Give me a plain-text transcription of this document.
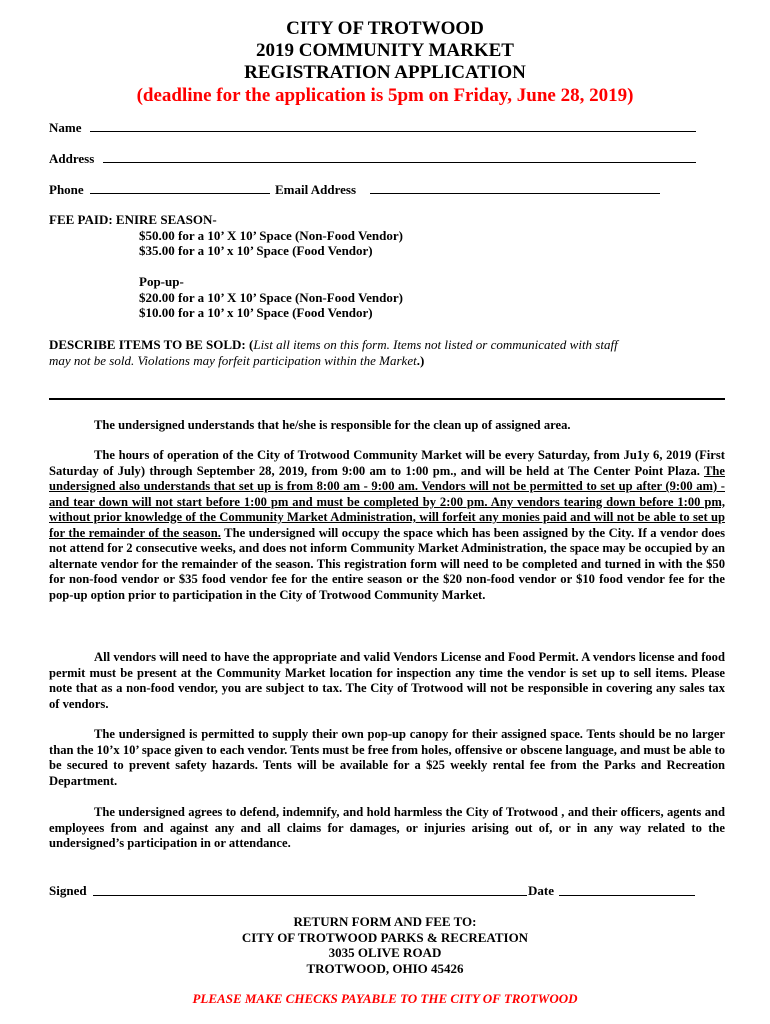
CITY OF TROTWOOD
2019 COMMUNITY MARKET
REGISTRATION APPLICATION
(deadline for the application is 5pm on Friday, June 28, 2019)
Name
Address
Phone	Email Address
FEE PAID: ENIRE SEASON-
$50.00 for a 10’ X 10’ Space (Non-Food Vendor)
$35.00 for a 10’ x 10’ Space (Food Vendor)
Pop-up-
$20.00 for a 10’ X 10’ Space (Non-Food Vendor)
$10.00 for a 10’ x 10’ Space (Food Vendor)
DESCRIBE ITEMS TO BE SOLD: (List all items on this form. Items not listed or communicated with staff
may not be sold. Violations may forfeit participation within the Market.)
The undersigned understands that he/she is responsible for the clean up of assigned area.
The hours of operation of the City of Trotwood Community Market will be every Saturday, from Ju1y 6, 2019 (First Saturday of July) through September 28, 2019, from 9:00 am to 1:00 pm., and will be held at The Center Point Plaza. The undersigned also understands that set up is from 8:00 am - 9:00 am. Vendors will not be permitted to set up after (9:00 am) - and tear down will not start before 1:00 pm and must be completed by 2:00 pm. Any vendors tearing down before 1:00 pm, without prior knowledge of the Community Market Administration, will forfeit any monies paid and will not be able to set up for the remainder of the season. The undersigned will occupy the space which has been assigned by the City. If a vendor does not attend for 2 consecutive weeks, and does not inform Community Market Administration, the space may be occupied by an alternate vendor for the remainder of the season. This registration form will need to be completed and turned in with the $50 for non-food vendor or $35 food vendor fee for the entire season or the $20 non-food vendor or $10 food vendor fee for the pop-up option prior to participation in the City of Trotwood Community Market.
All vendors will need to have the appropriate and valid Vendors License and Food Permit. A vendors license and food permit must be present at the Community Market location for inspection any time the vendor is set up to sell items. Please note that as a non-food vendor, you are subject to tax. The City of Trotwood will not be responsible in covering any sales tax of vendors.
The undersigned is permitted to supply their own pop-up canopy for their assigned space. Tents should be no larger than the 10’x 10’ space given to each vendor. Tents must be free from holes, offensive or obscene language, and must be able to be secured to prevent safety hazards. Tents will be available for a $25 weekly rental fee from the Parks and Recreation Department.
The undersigned agrees to defend, indemnify, and hold harmless the City of Trotwood , and their officers, agents and employees from and against any and all claims for damages, or injuries arising out of, or in any way related to the undersigned’s participation in or attendance.
Signed	Date
RETURN FORM AND FEE TO:
CITY OF TROTWOOD PARKS & RECREATION
3035 OLIVE ROAD
TROTWOOD, OHIO 45426
PLEASE MAKE CHECKS PAYABLE TO THE CITY OF TROTWOOD
